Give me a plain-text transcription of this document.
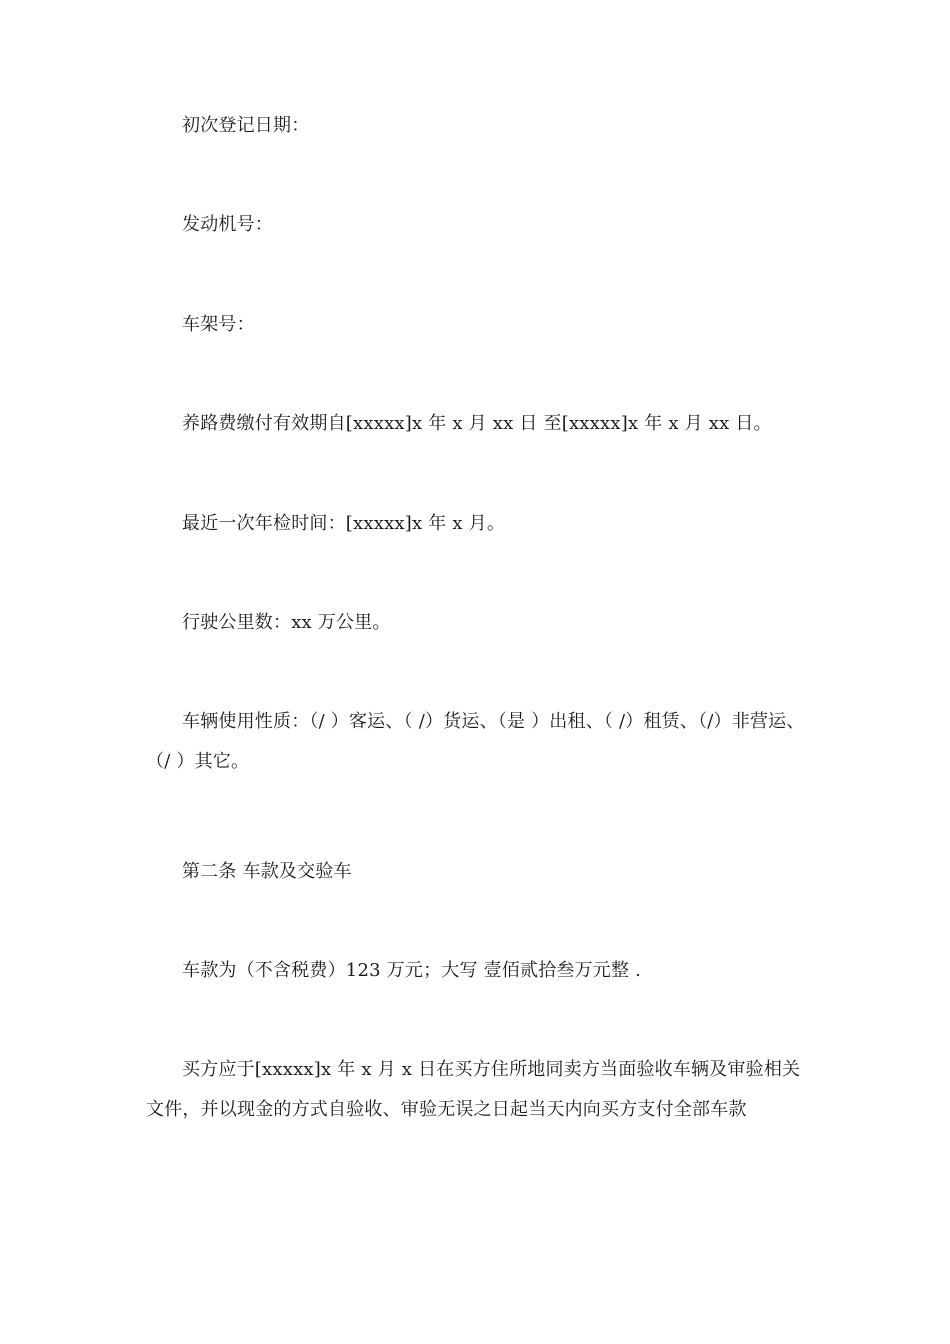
初次登记日期：
发动机号：
车架号：
养路费缴付有效期自[xxxxx]x 年 x 月 xx 日 至[xxxxx]x 年 x 月 xx 日。
最近一次年检时间：[xxxxx]x 年 x 月。
行驶公里数：xx 万公里。
车辆使用性质：（/ ）客运、（ /）货运、（是 ）出租、（ /）租赁、（/）非营运、（/ ）其它。
第二条 车款及交验车
车款为（不含税费）123 万元；大写 壹佰贰拾叁万元整 .
买方应于[xxxxx]x 年 x 月 x 日在买方住所地同卖方当面验收车辆及审验相关文件，并以现金的方式自验收、审验无误之日起当天内向买方支付全部车款
